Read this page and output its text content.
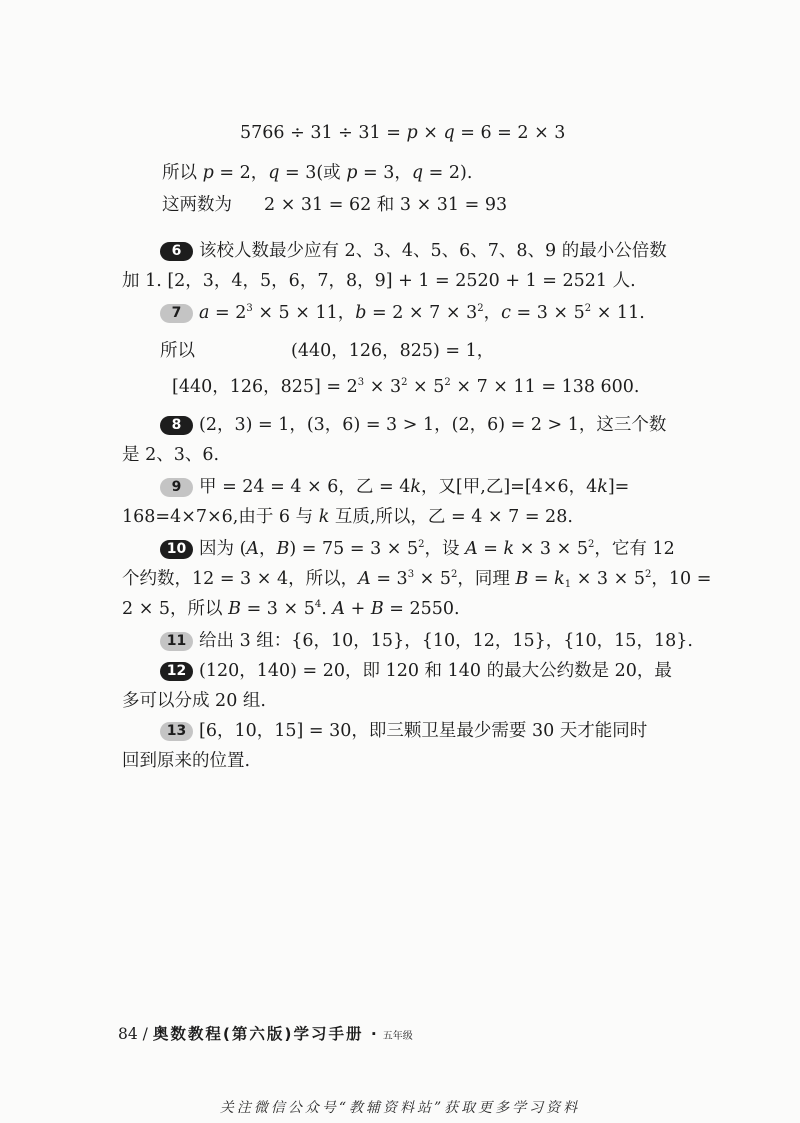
5766 ÷ 31 ÷ 31 = p × q = 6 = 2 × 3
所以 p = 2，q = 3(或 p = 3，q = 2).
这两数为 2 × 31 = 62 和 3 × 31 = 93
6 该校人数最少应有 2、3、4、5、6、7、8、9 的最小公倍数
加 1. [2，3，4，5，6，7，8，9] + 1 = 2520 + 1 = 2521 人.
7 $a = 2^3 \times 5 \times 11$，$b = 2 \times 7 \times 3^2$，$c = 3 \times 5^2 \times 11$.
所以	(440，126，825) = 1，
[440，126，$825] = 2^3 \times 3^2 \times 5^2 \times 7 \times 11 = 138$ 600.
8 (2，3) = 1，(3，6) = 3 > 1，(2，6) = 2 > 1，这三个数
是 2、3、6.
9 甲 = 24 = 4 × 6，乙 = 4k，又[甲,乙]=[4×6，4k]=
168=4×7×6,由于 6 与 k 互质,所以，乙 = 4 × 7 = 28.
10 因为 (A，$B) = 75 = 3 \times 5^2$，设 $A = k \times 3 \times 5^2$，它有 12
个约数，12 = 3 × 4，所以，$A = 3^3 \times 5^2$，同理 $B = k_1 \times 3 \times 5^2$，10 =
2 × 5，所以 $B = 3 \times 5^4$. A + B = 2550.
11 给出 3 组：{6，10，15}，{10，12，15}，{10，15，18}.
12 (120，140) = 20，即 120 和 140 的最大公约数是 20，最
多可以分成 20 组.
13 [6，10，15] = 30，即三颗卫星最少需要 30 天才能同时
回到原来的位置.
84 / 奥数教程(第六版)学习手册 · 五年级
关注微信公众号“教辅资料站”获取更多学习资料
